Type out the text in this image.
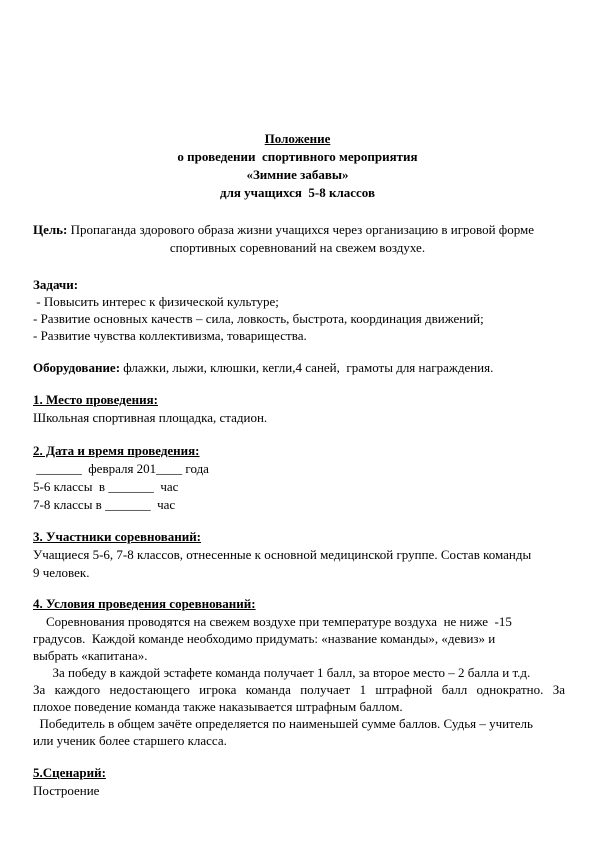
Положение
о проведении  спортивного мероприятия
«Зимние забавы»
для учащихся  5-8 классов
Цель: Пропаганда здорового образа жизни учащихся через организацию в игровой форме
спортивных соревнований на свежем воздухе.
Задачи:
- Повысить интерес к физической культуре;
- Развитие основных качеств – сила, ловкость, быстрота, координация движений;
- Развитие чувства коллективизма, товарищества.
Оборудование: флажки, лыжи, клюшки, кегли,4 саней,  грамоты для награждения.
1. Место проведения:
Школьная спортивная площадка, стадион.
2. Дата и время проведения:
_______  февраля 201____ года
5-6 классы  в _______  час
7-8 классы в _______  час
3. Участники соревнований:
Учащиеся 5-6, 7-8 классов, отнесенные к основной медицинской группе. Состав команды
9 человек.
4. Условия проведения соревнований:
Соревнования проводятся на свежем воздухе при температуре воздуха  не ниже  -15
градусов.  Каждой команде необходимо придумать: «название команды», «девиз» и
выбрать «капитана».
За победу в каждой эстафете команда получает 1 балл, за второе место – 2 балла и т.д.
За каждого недостающего игрока команда получает 1 штрафной балл однократно. За
плохое поведение команда также наказывается штрафным баллом.
Победитель в общем зачёте определяется по наименьшей сумме баллов. Судья – учитель
или ученик более старшего класса.
5.Сценарий:
Построение
